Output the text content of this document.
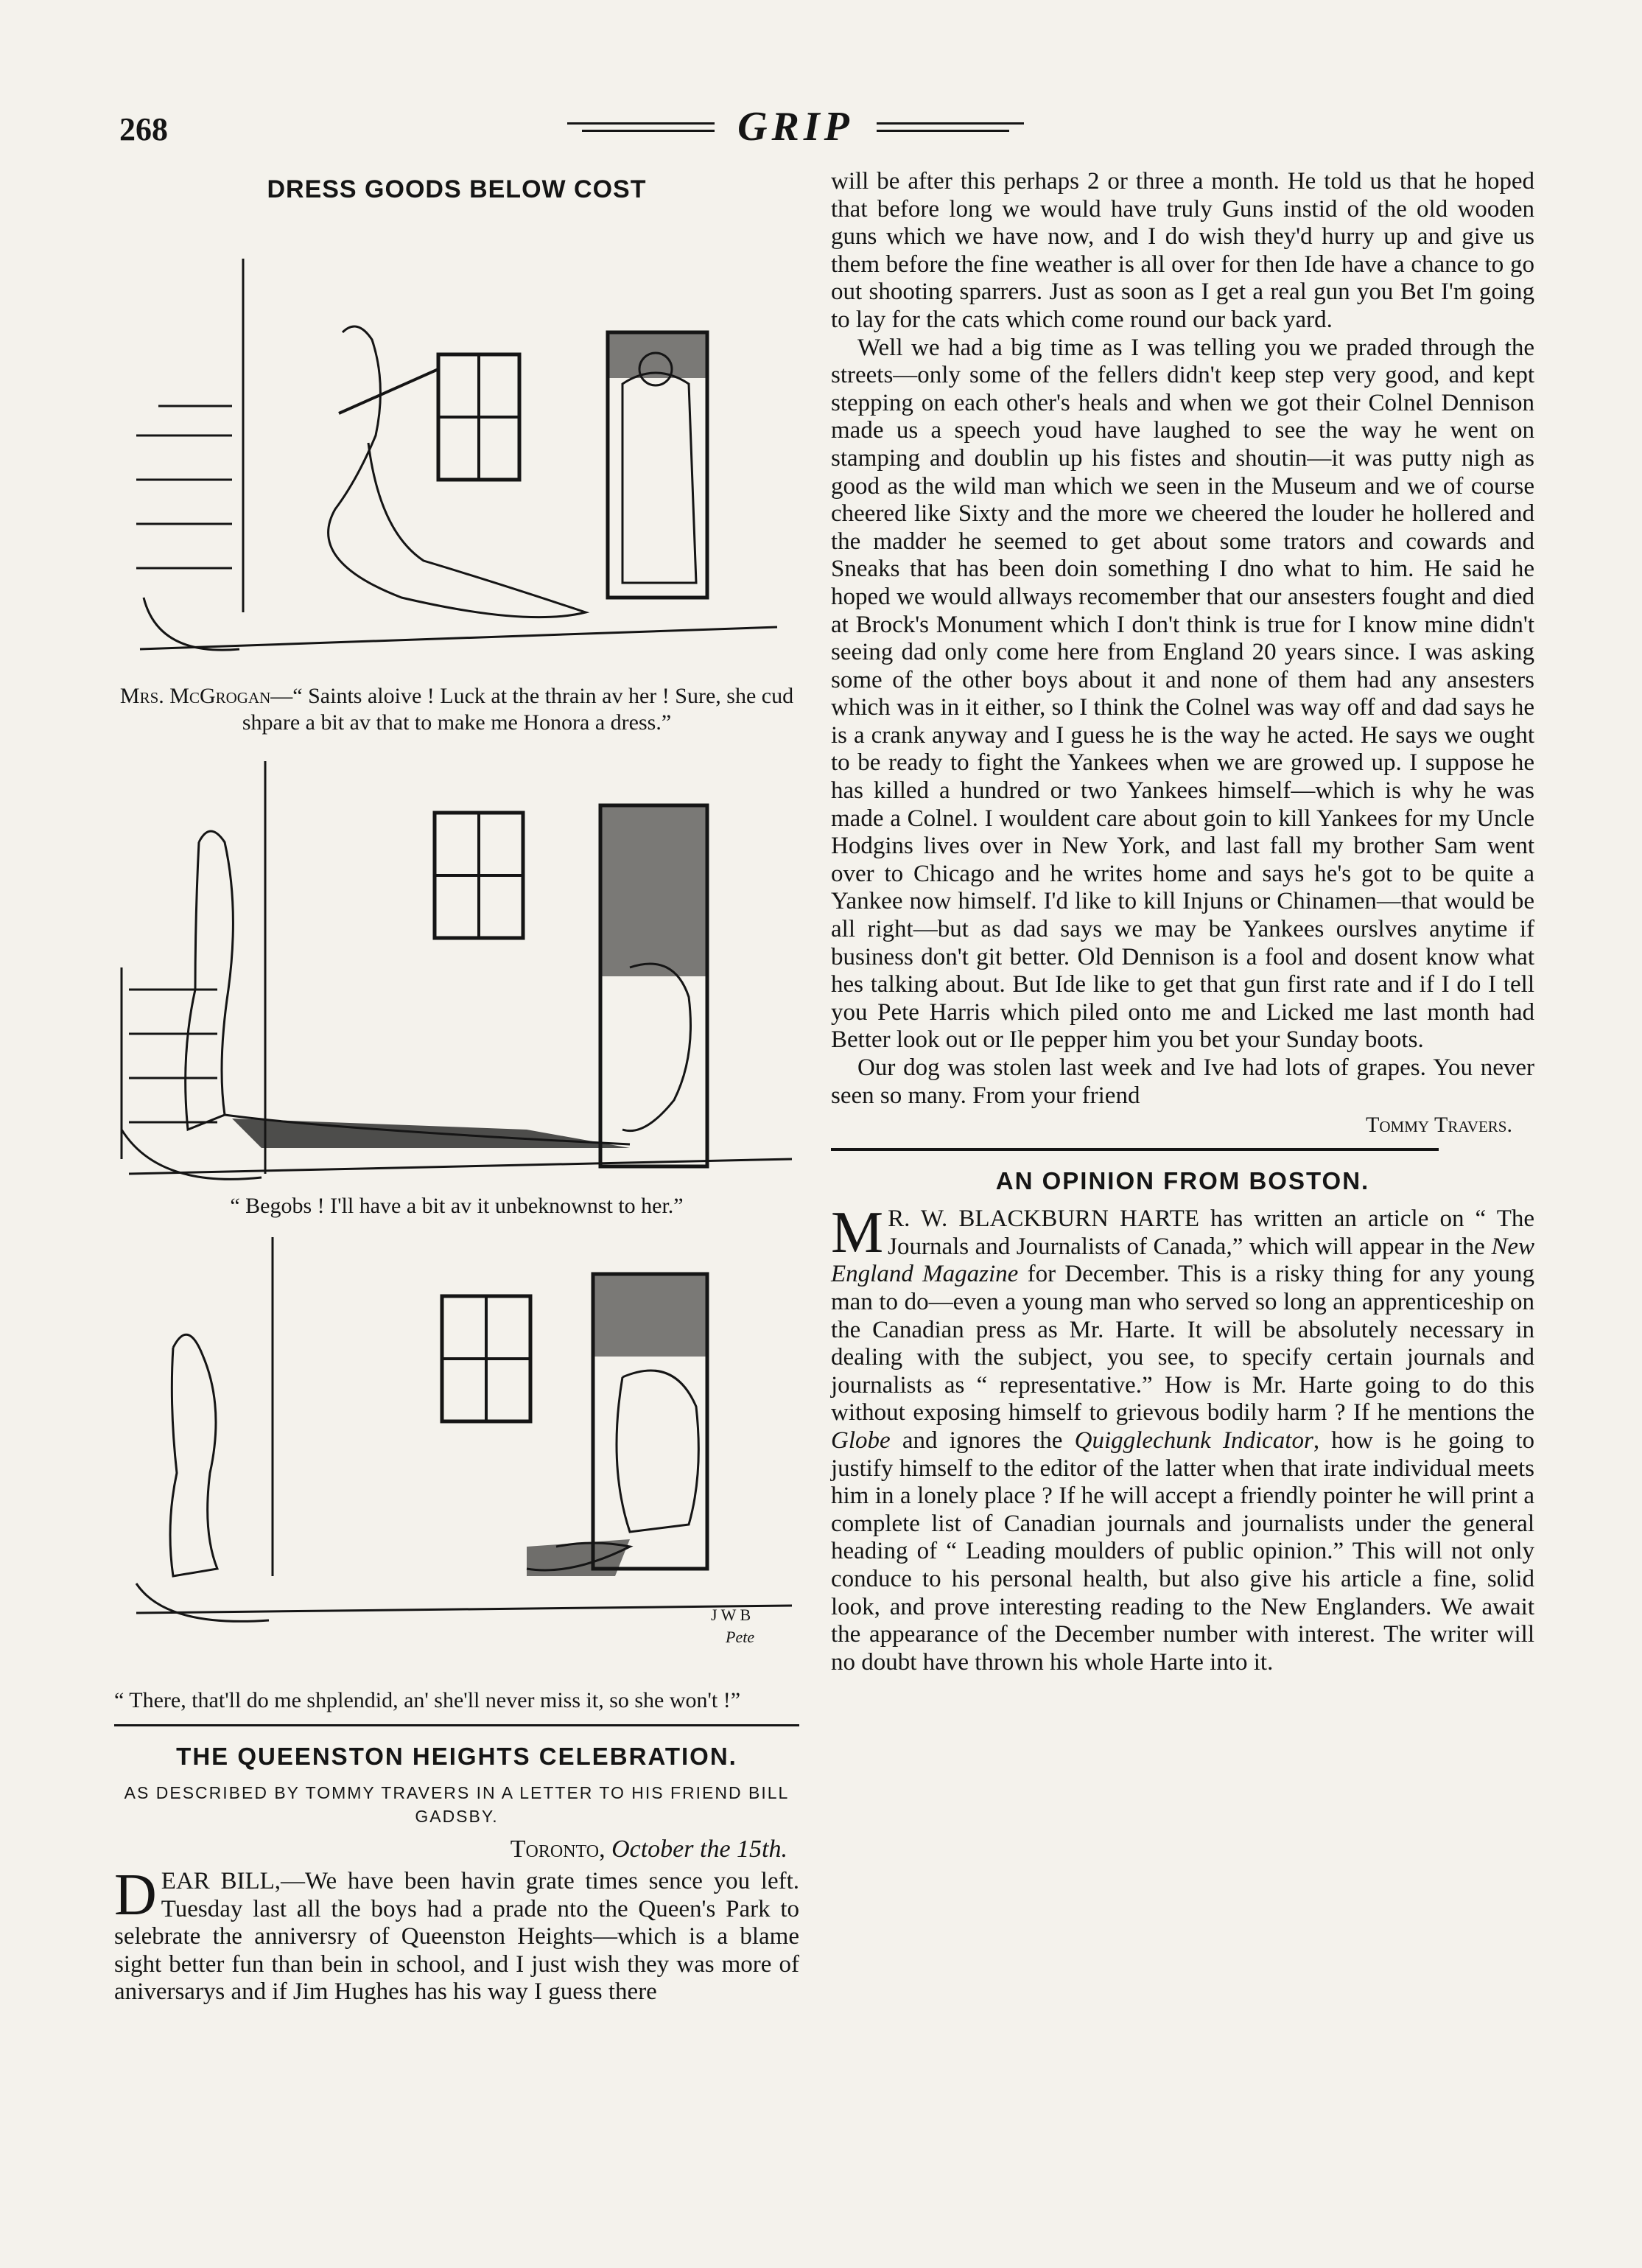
268	GRIP
DRESS GOODS BELOW COST
Mrs. McGrogan—“ Saints aloive ! Luck at the thrain av her ! Sure, she cud shpare a bit av that to make me Honora a dress.”
“ Begobs ! I'll have a bit av it unbeknownst to her.”
J W B
Pete
“ There, that'll do me shplendid, an' she'll never miss it, so she won't !”
THE QUEENSTON HEIGHTS CELEBRATION.
AS DESCRIBED BY TOMMY TRAVERS IN A LETTER TO HIS FRIEND BILL GADSBY.
Toronto, October the 15th.

DEAR BILL,—We have been havin grate times sence you left. Tuesday last all the boys had a prade nto the Queen's Park to selebrate the anniversry of Queenston Heights—which is a blame sight better fun than bein in school, and I just wish they was more of aniversarys and if Jim Hughes has his way I guess there

will be after this perhaps 2 or three a month. He told us that he hoped that before long we would have truly Guns instid of the old wooden guns which we have now, and I do wish they'd hurry up and give us them before the fine weather is all over for then Ide have a chance to go out shooting sparrers. Just as soon as I get a real gun you Bet I'm going to lay for the cats which come round our back yard.

Well we had a big time as I was telling you we praded through the streets—only some of the fellers didn't keep step very good, and kept stepping on each other's heals and when we got their Colnel Dennison made us a speech youd have laughed to see the way he went on stamping and doublin up his fistes and shoutin—it was putty nigh as good as the wild man which we seen in the Museum and we of course cheered like Sixty and the more we cheered the louder he hollered and the madder he seemed to get about some trators and cowards and Sneaks that has been doin something I dno what to him. He said he hoped we would allways recomember that our ansesters fought and died at Brock's Monument which I don't think is true for I know mine didn't seeing dad only come here from England 20 years since. I was asking some of the other boys about it and none of them had any ansesters which was in it either, so I think the Colnel was way off and dad says he is a crank anyway and I guess he is the way he acted. He says we ought to be ready to fight the Yankees when we are growed up. I suppose he has killed a hundred or two Yankees himself—which is why he was made a Colnel. I wouldent care about goin to kill Yankees for my Uncle Hodgins lives over in New York, and last fall my brother Sam went over to Chicago and he writes home and says he's got to be quite a Yankee now himself. I'd like to kill Injuns or Chinamen—that would be all right—but as dad says we may be Yankees ourslves anytime if business don't git better. Old Dennison is a fool and dosent know what hes talking about. But Ide like to get that gun first rate and if I do I tell you Pete Harris which piled onto me and Licked me last month had Better look out or Ile pepper him you bet your Sunday boots.

Our dog was stolen last week and Ive had lots of grapes. You never seen so many. From your friend

Tommy Travers.
AN OPINION FROM BOSTON.

M R. W. BLACKBURN HARTE has written an article on “ The Journals and Journalists of Canada,” which will appear in the New England Magazine for December. This is a risky thing for any young man to do—even a young man who served so long an apprenticeship on the Canadian press as Mr. Harte. It will be absolutely necessary in dealing with the subject, you see, to specify certain journals and journalists as “ representative.” How is Mr. Harte going to do this without exposing himself to grievous bodily harm ? If he mentions the Globe and ignores the Quigglechunk Indicator, how is he going to justify himself to the editor of the latter when that irate individual meets him in a lonely place ? If he will accept a friendly pointer he will print a complete list of Canadian journals and journalists under the general heading of “ Leading moulders of public opinion.” This will not only conduce to his personal health, but also give his article a fine, solid look, and prove interesting reading to the New Englanders. We await the appearance of the December number with interest. The writer will no doubt have thrown his whole Harte into it.
